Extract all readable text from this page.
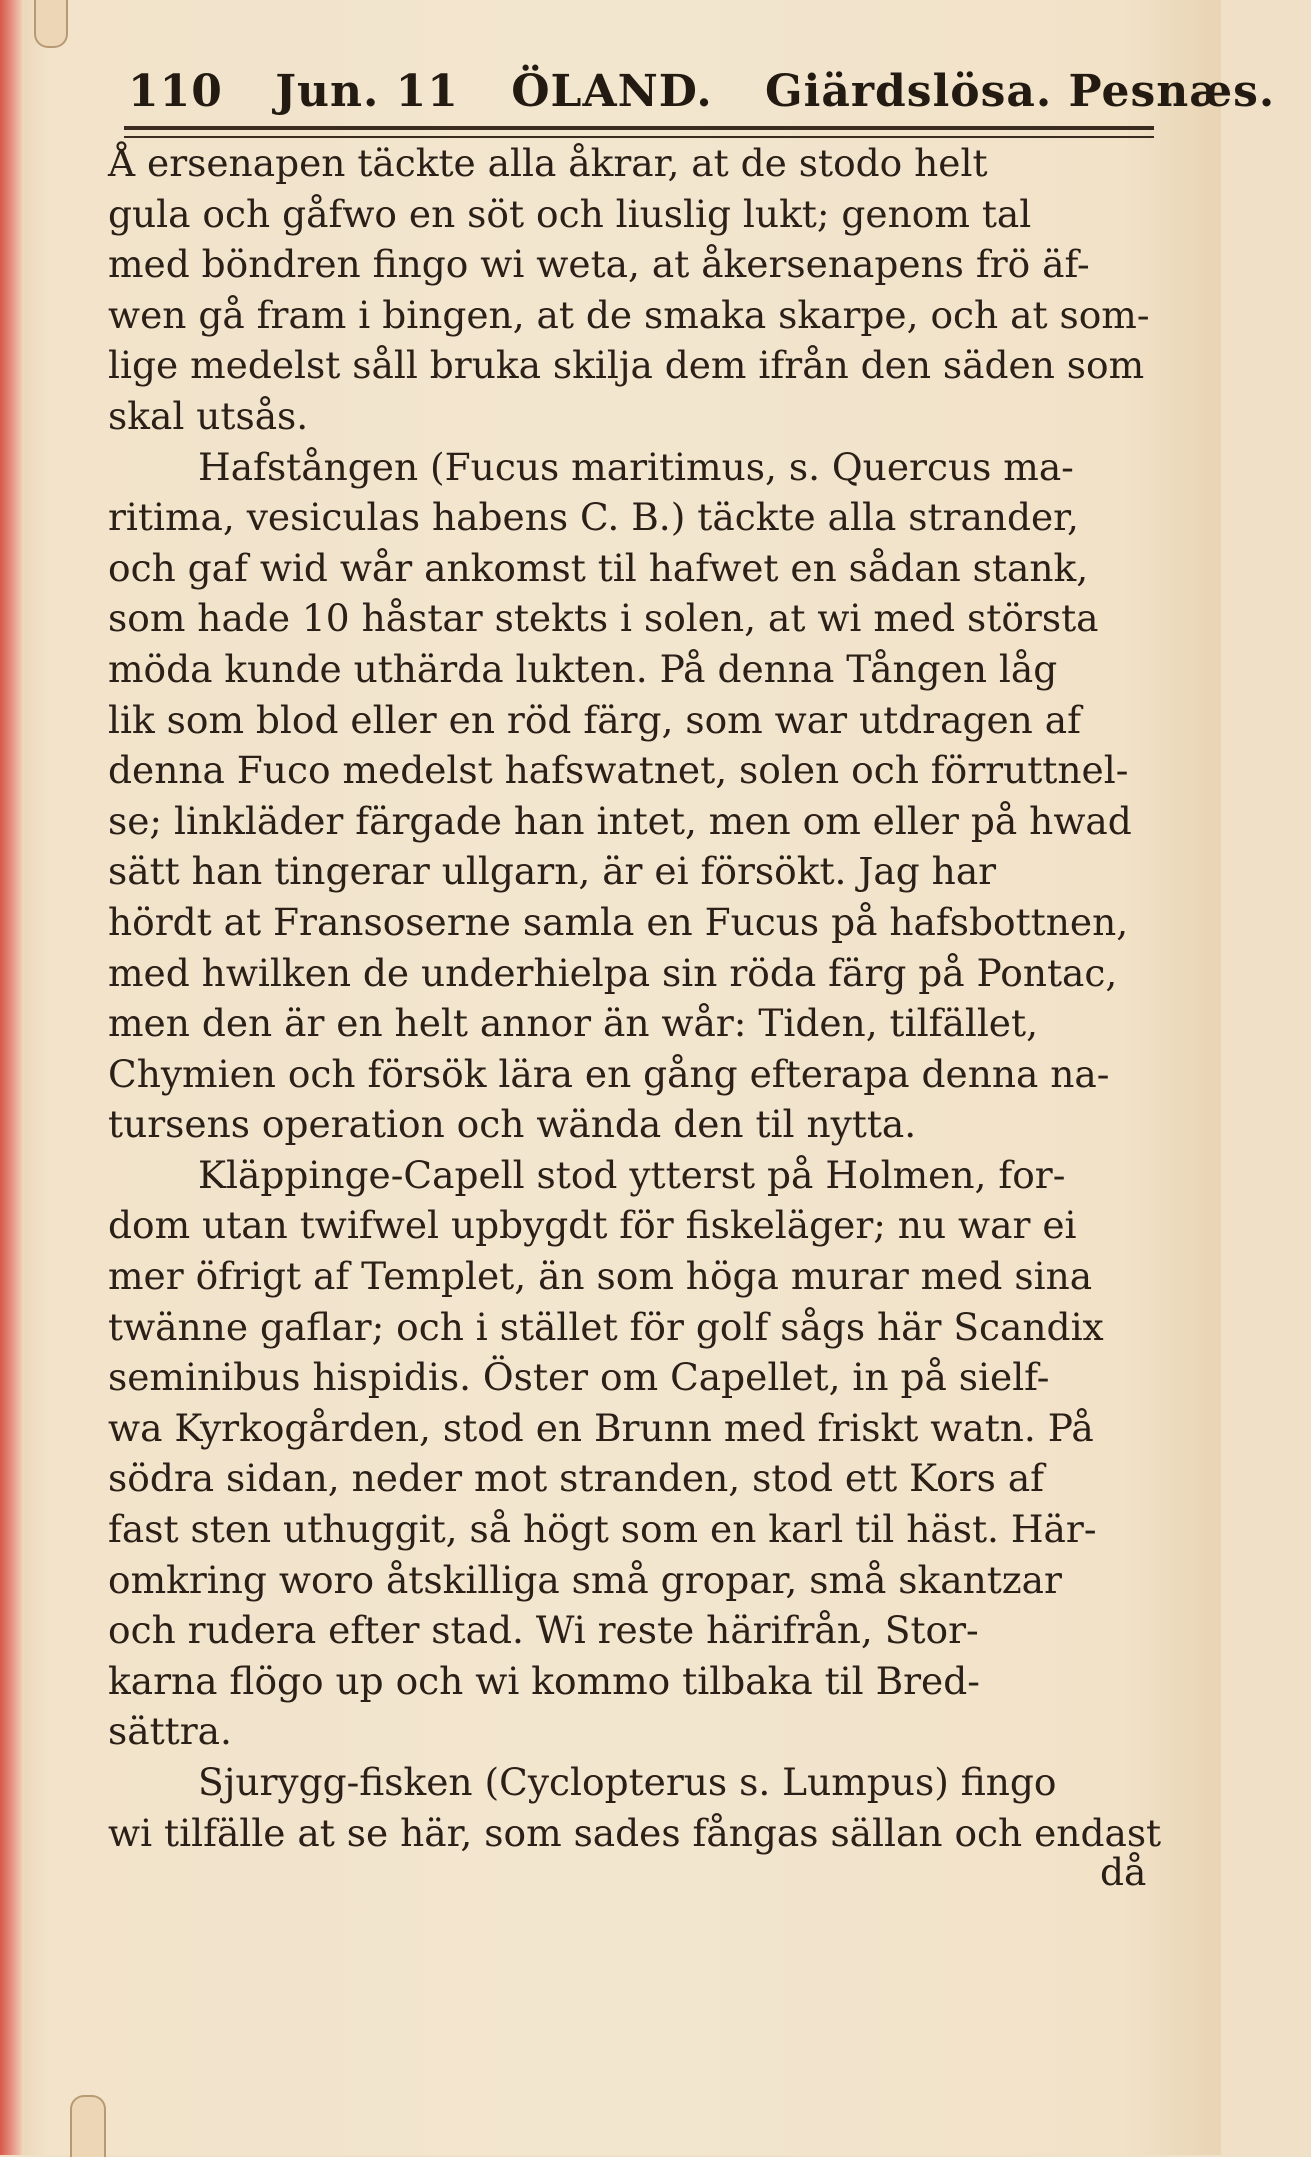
110 Jun. 11 ÖLAND. Giärdslösa. Pesnæs.
Å ersenapen täckte alla åkrar, at de stodo helt
gula och gåfwo en söt och liuslig lukt; genom tal
med böndren fingo wi weta, at åkersenapens frö äf-
wen gå fram i bingen, at de smaka skarpe, och at som-
lige medelst såll bruka skilja dem ifrån den säden som
skal utsås.
Hafstången (Fucus maritimus, s. Quercus ma-
ritima, vesiculas habens C. B.) täckte alla strander,
och gaf wid wår ankomst til hafwet en sådan stank,
som hade 10 håstar stekts i solen, at wi med största
möda kunde uthärda lukten. På denna Tången låg
lik som blod eller en röd färg, som war utdragen af
denna Fuco medelst hafswatnet, solen och förruttnel-
se; linkläder färgade han intet, men om eller på hwad
sätt han tingerar ullgarn, är ei försökt. Jag har
hördt at Fransoserne samla en Fucus på hafsbottnen,
med hwilken de underhielpa sin röda färg på Pontac,
men den är en helt annor än wår: Tiden, tilfället,
Chymien och försök lära en gång efterapa denna na-
tursens operation och wända den til nytta.
Kläppinge-Capell stod ytterst på Holmen, for-
dom utan twifwel upbygdt för fiskeläger; nu war ei
mer öfrigt af Templet, än som höga murar med sina
twänne gaflar; och i stället för golf sågs här Scandix
seminibus hispidis. Öster om Capellet, in på sielf-
wa Kyrkogården, stod en Brunn med friskt watn. På
södra sidan, neder mot stranden, stod ett Kors af
fast sten uthuggit, så högt som en karl til häst. Här-
omkring woro åtskilliga små gropar, små skantzar
och rudera efter stad. Wi reste härifrån, Stor-
karna flögo up och wi kommo tilbaka til Bred-
sättra.
Sjurygg-fisken (Cyclopterus s. Lumpus) fingo
wi tilfälle at se här, som sades fångas sällan och endast
då
